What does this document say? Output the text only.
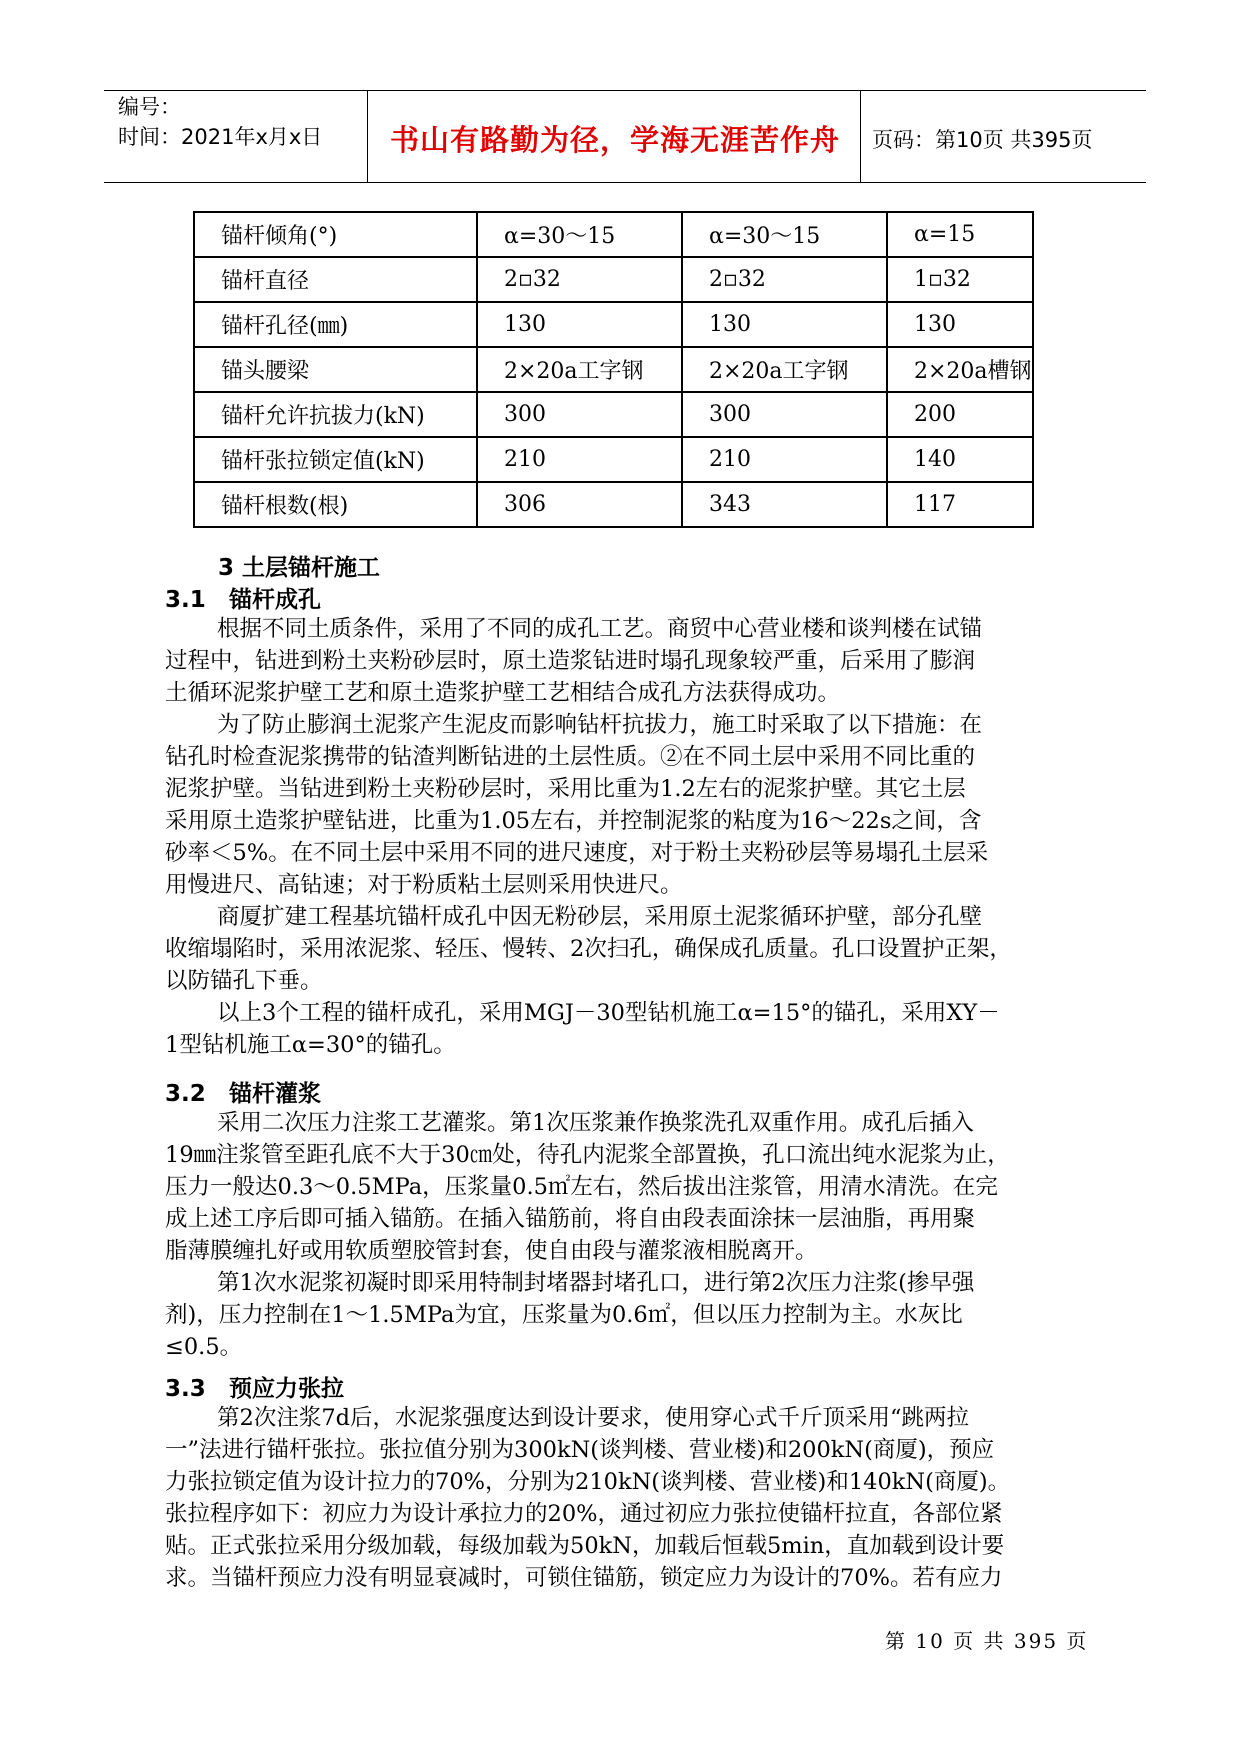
编号：
时间：2021年x月x日	书山有路勤为径，学海无涯苦作舟	页码：第10页 共395页
锚杆倾角(°)	α=30～15	α=30～15	α=15
锚杆直径	2▫32	2▫32	1▫32
锚杆孔径(㎜)	130	130	130
锚头腰梁	2×20a工字钢	2×20a工字钢	2×20a槽钢
锚杆允许抗拔力(kN)	300	300	200
锚杆张拉锁定值(kN)	210	210	140
锚杆根数(根)	306	343	117
3 土层锚杆施工
3.1 锚杆成孔
根据不同土质条件，采用了不同的成孔工艺。商贸中心营业楼和谈判楼在试锚
过程中，钻进到粉土夹粉砂层时，原土造浆钻进时塌孔现象较严重，后采用了膨润
土循环泥浆护壁工艺和原土造浆护壁工艺相结合成孔方法获得成功。
为了防止膨润土泥浆产生泥皮而影响钻杆抗拔力，施工时采取了以下措施：在
钻孔时检查泥浆携带的钻渣判断钻进的土层性质。②在不同土层中采用不同比重的
泥浆护壁。当钻进到粉土夹粉砂层时，采用比重为1.2左右的泥浆护壁。其它土层
采用原土造浆护壁钻进，比重为1.05左右，并控制泥浆的粘度为16～22s之间，含
砂率＜5%。在不同土层中采用不同的进尺速度，对于粉土夹粉砂层等易塌孔土层采
用慢进尺、高钻速；对于粉质粘土层则采用快进尺。
商厦扩建工程基坑锚杆成孔中因无粉砂层，采用原土泥浆循环护壁，部分孔壁
收缩塌陷时，采用浓泥浆、轻压、慢转、2次扫孔，确保成孔质量。孔口设置护正架，
以防锚孔下垂。
以上3个工程的锚杆成孔，采用MGJ－30型钻机施工α=15°的锚孔，采用XY－
1型钻机施工α=30°的锚孔。
3.2 锚杆灌浆
采用二次压力注浆工艺灌浆。第1次压浆兼作换浆洗孔双重作用。成孔后插入
19㎜注浆管至距孔底不大于30㎝处，待孔内泥浆全部置换，孔口流出纯水泥浆为止，
压力一般达0.3～0.5MPa，压浆量0.5㎡左右，然后拔出注浆管，用清水清洗。在完
成上述工序后即可插入锚筋。在插入锚筋前，将自由段表面涂抹一层油脂，再用聚
脂薄膜缠扎好或用软质塑胶管封套，使自由段与灌浆液相脱离开。
第1次水泥浆初凝时即采用特制封堵器封堵孔口，进行第2次压力注浆(掺早强
剂)，压力控制在1～1.5MPa为宜，压浆量为0.6㎡，但以压力控制为主。水灰比
≤0.5。
3.3 预应力张拉
第2次注浆7d后，水泥浆强度达到设计要求，使用穿心式千斤顶采用“跳两拉
一”法进行锚杆张拉。张拉值分别为300kN(谈判楼、营业楼)和200kN(商厦)，预应
力张拉锁定值为设计拉力的70%，分别为210kN(谈判楼、营业楼)和140kN(商厦)。
张拉程序如下：初应力为设计承拉力的20%，通过初应力张拉使锚杆拉直，各部位紧
贴。正式张拉采用分级加载，每级加载为50kN，加载后恒载5min，直加载到设计要
求。当锚杆预应力没有明显衰减时，可锁住锚筋，锁定应力为设计的70%。若有应力
第 10 页 共 395 页
